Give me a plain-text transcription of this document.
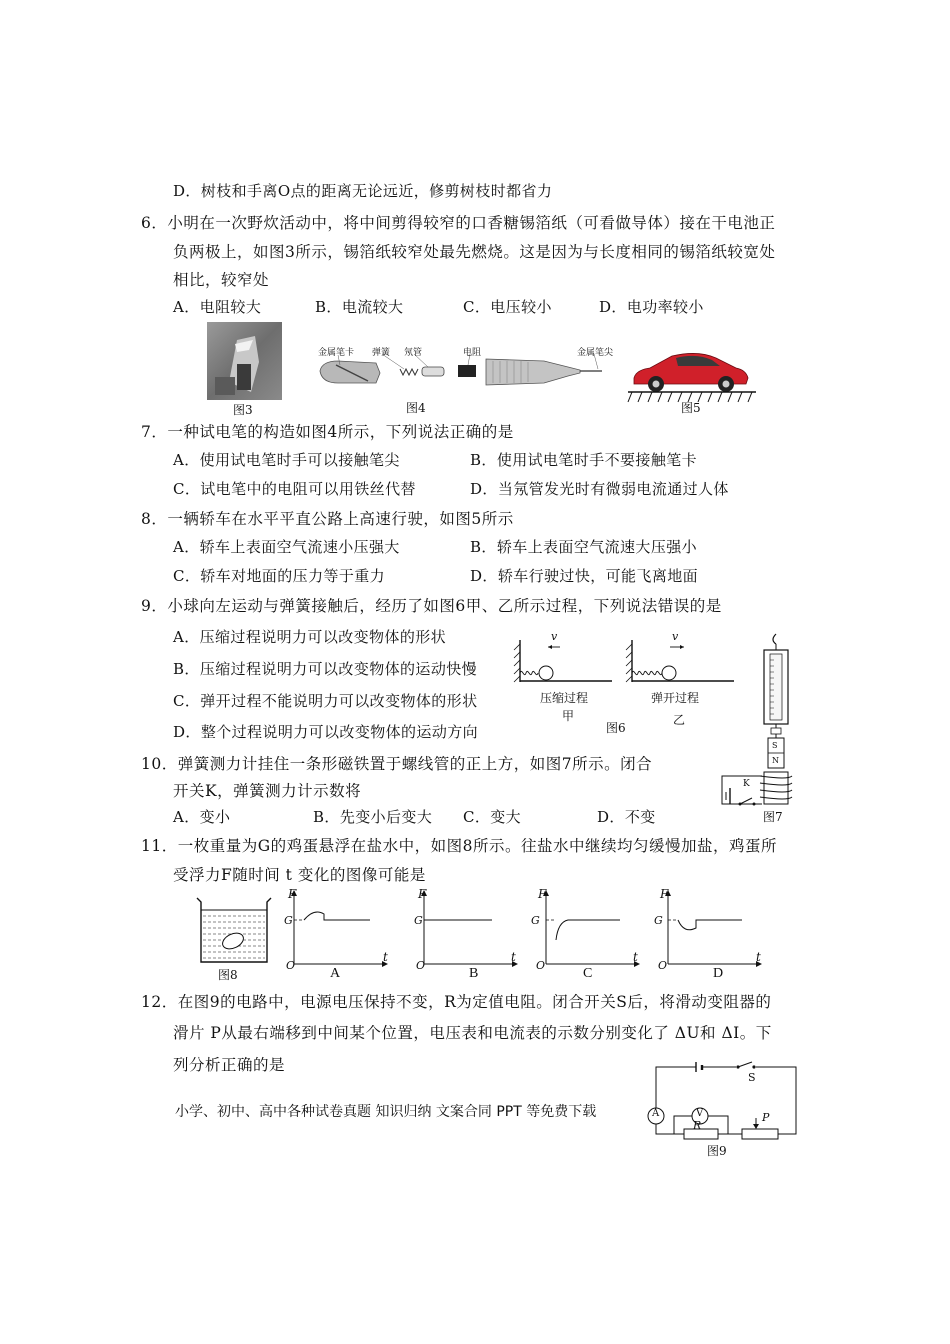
D．树枝和手离O点的距离无论远近，修剪树枝时都省力
6．小明在一次野炊活动中，将中间剪得较窄的口香糖锡箔纸（可看做导体）接在干电池正
负两极上，如图3所示，锡箔纸较窄处最先燃烧。这是因为与长度相同的锡箔纸较宽处
相比，较窄处
A．电阻较大	B．电流较大	C．电压较小	D．电功率较小
图3
金属笔卡 弹簧 氖管	电阻	金属笔尖
图4	图5
7．一种试电笔的构造如图4所示，下列说法正确的是
A．使用试电笔时手可以接触笔尖	B．使用试电笔时手不要接触笔卡
C．试电笔中的电阻可以用铁丝代替	D．当氖管发光时有微弱电流通过人体
8．一辆轿车在水平平直公路上高速行驶，如图5所示
A．轿车上表面空气流速小压强大	B．轿车上表面空气流速大压强小
C．轿车对地面的压力等于重力	D．轿车行驶过快，可能飞离地面
9．小球向左运动与弹簧接触后，经历了如图6甲、乙所示过程，下列说法错误的是
A．压缩过程说明力可以改变物体的形状
B．压缩过程说明力可以改变物体的运动快慢
C．弹开过程不能说明力可以改变物体的形状
D．整个过程说明力可以改变物体的运动方向
v	v
压缩过程	弹开过程
甲	乙
图6
S
N
K
图7
10．弹簧测力计挂住一条形磁铁置于螺线管的正上方，如图7所示。闭合
开关K，弹簧测力计示数将
A．变小	B．先变小后变大 C．变大	D．不变
11．一枚重量为G的鸡蛋悬浮在盐水中，如图8所示。往盐水中继续均匀缓慢加盐，鸡蛋所
受浮力F随时间 t 变化的图像可能是
图8
F
G
t
O
A
F
G
t
O
B
F
G
t
O
C
F
G
t
O
D
12．在图9的电路中，电源电压保持不变，R为定值电阻。闭合开关S后，将滑动变阻器的
滑片 P从最右端移到中间某个位置，电压表和电流表的示数分别变化了 ΔU和 ΔI。下
列分析正确的是
A	V
R
P
S
图9
小学、初中、高中各种试卷真题 知识归纳 文案合同 PPT 等免费下载
